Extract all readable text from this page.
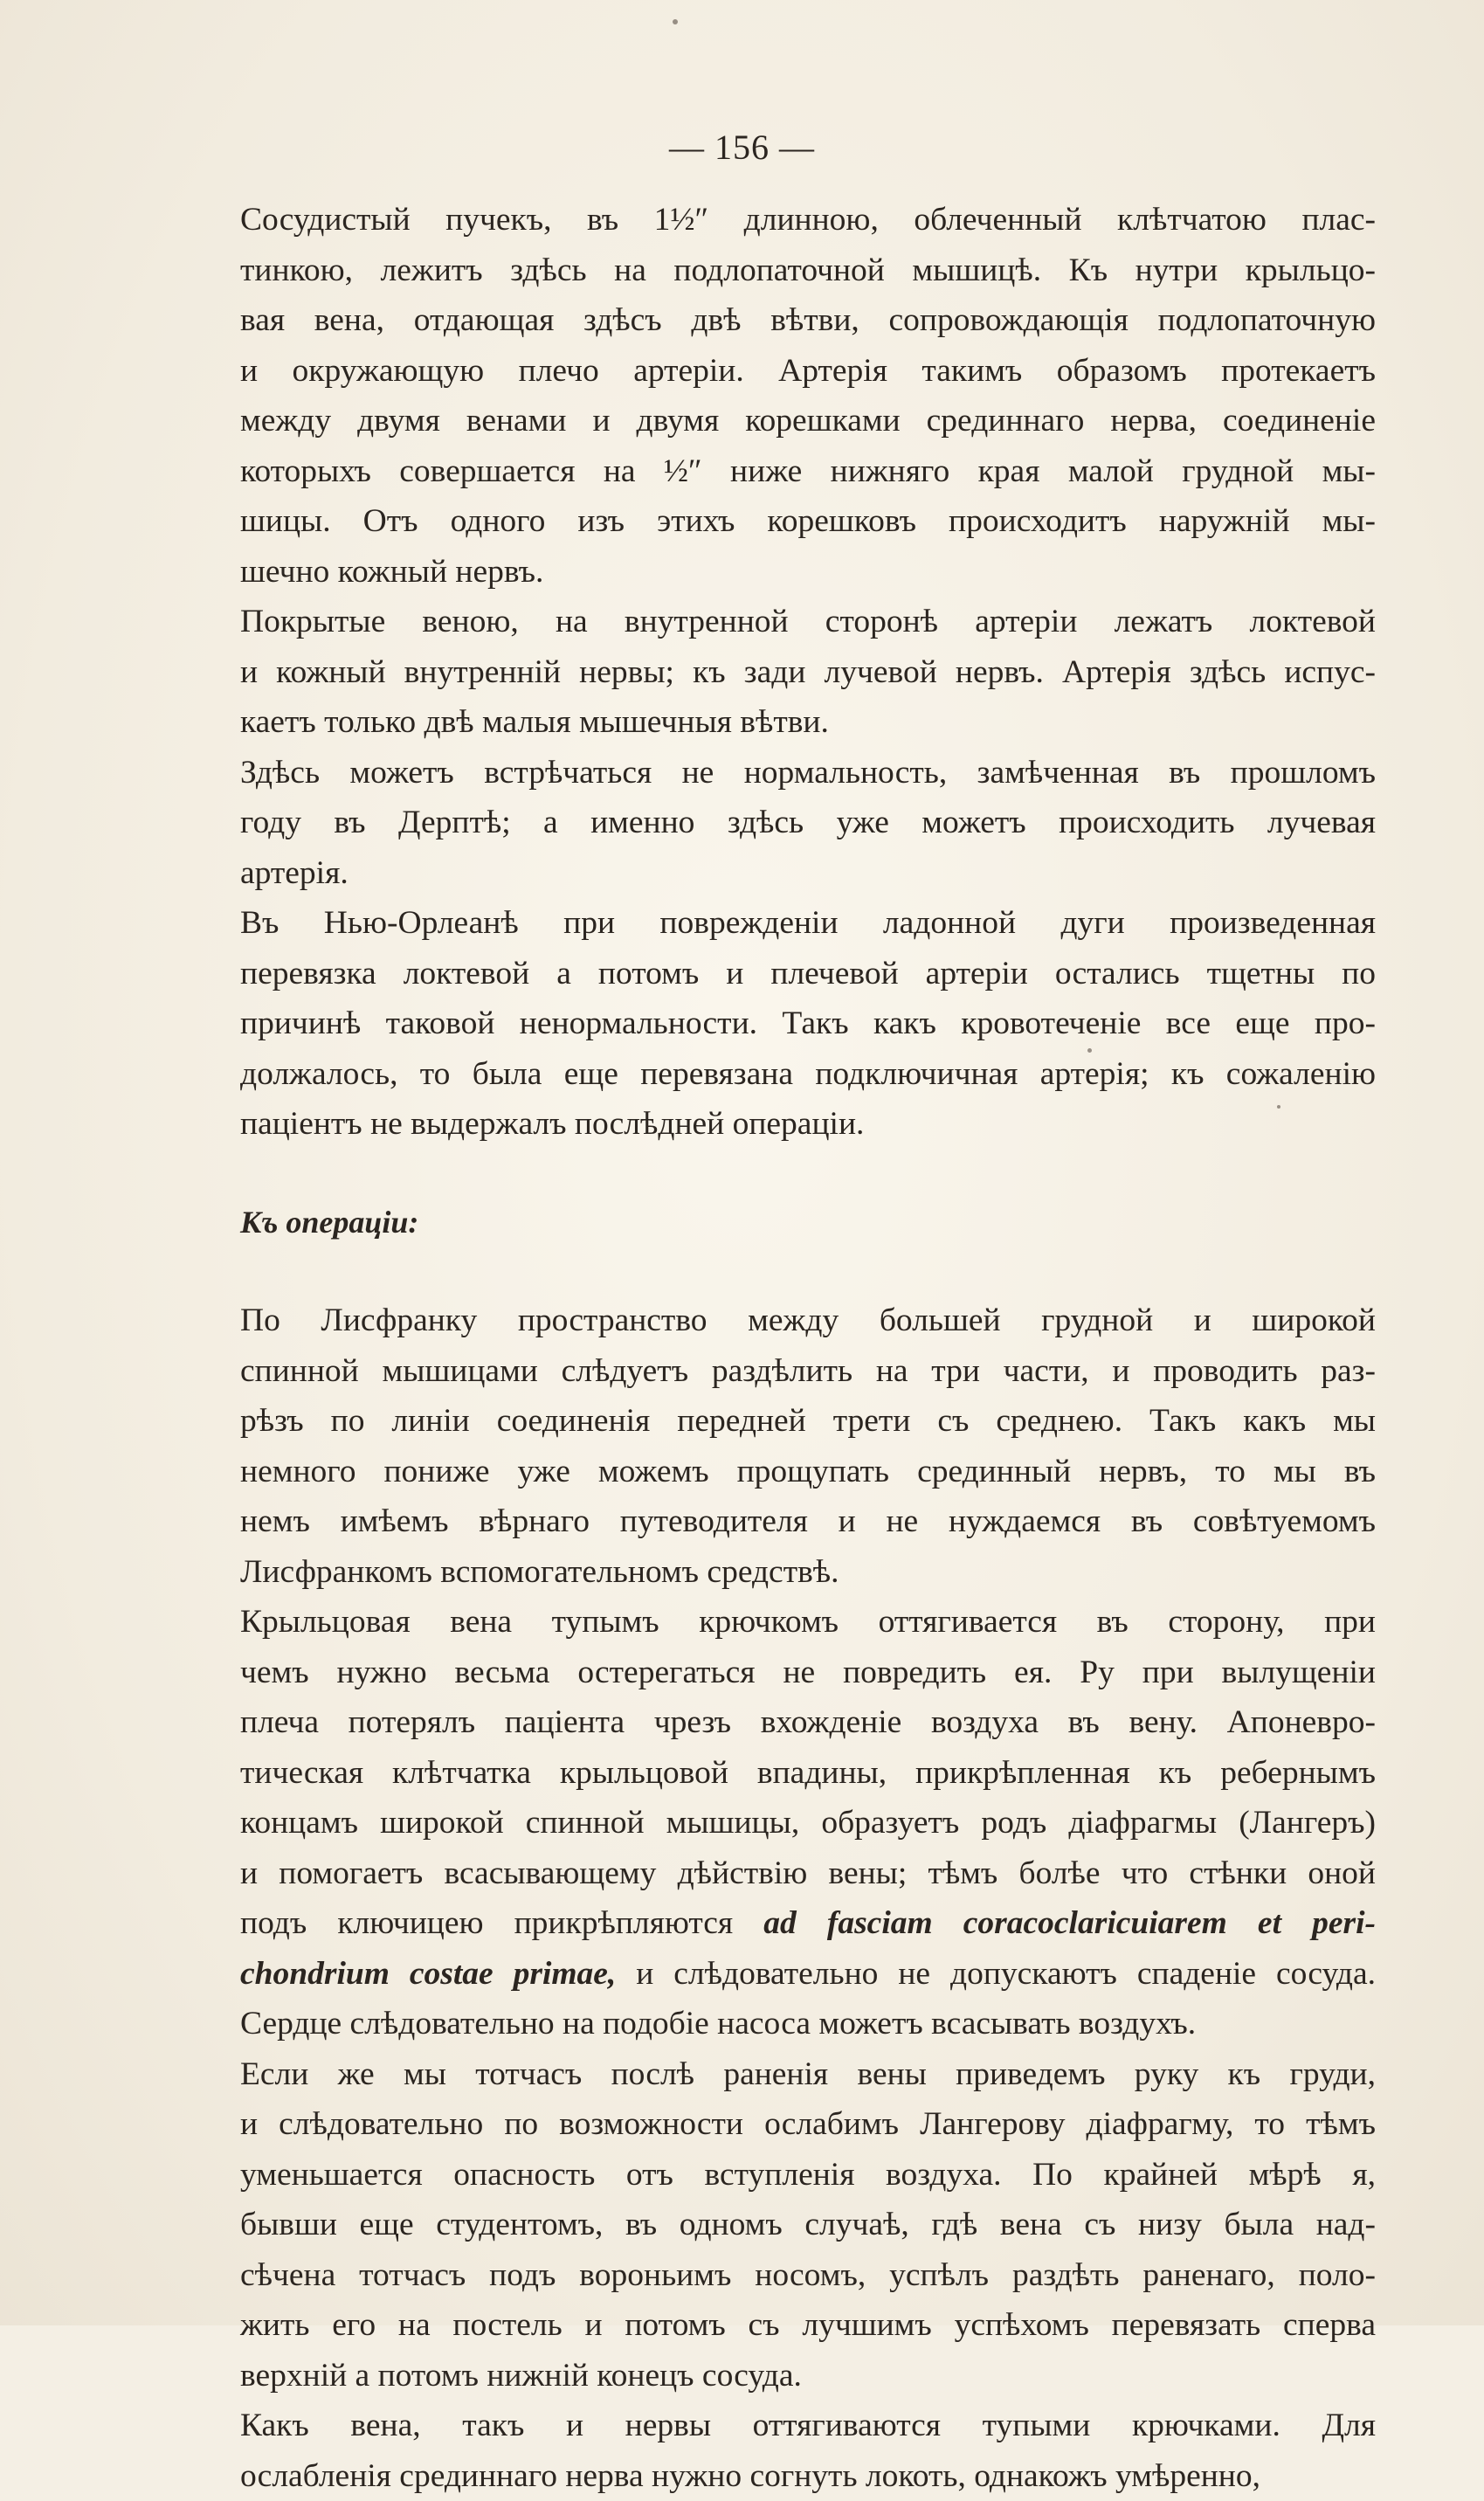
— 156 —
Сосудистый пучекъ, въ 1½″ длинною, облеченный клѣтчатою плас-
тинкою, лежитъ здѣсь на подлопаточной мышицѣ. Къ нутри крыльцо-
вая вена, отдающая здѣсъ двѣ вѣтви, сопровождающія подлопаточную
и окружающую плечо артеріи. Артерія такимъ образомъ протекаетъ
между двумя венами и двумя корешками срединнаго нерва, соединеніе
которыхъ совершается на ½″ ниже нижняго края малой грудной мы-
шицы. Отъ одного изъ этихъ корешковъ происходитъ наружній мы-
шечно кожный нервъ.
Покрытые веною, на внутренной сторонѣ артеріи лежатъ локтевой
и кожный внутренній нервы; къ зади лучевой нервъ. Артерія здѣсь испус-
каетъ только двѣ малыя мышечныя вѣтви.
Здѣсь можетъ встрѣчаться не нормальность, замѣченная въ прошломъ
году въ Дерптѣ; а именно здѣсь уже можетъ происходить лучевая
артерія.
Въ Нью-Орлеанѣ при поврежденіи ладонной дуги произведенная
перевязка локтевой а потомъ и плечевой артеріи остались тщетны по
причинѣ таковой ненормальности. Такъ какъ кровотеченіе все еще про-
должалось, то была еще перевязана подключичная артерія; къ сожаленію
паціентъ не выдержалъ послѣдней операціи.
Къ операціи:
По Лисфранку пространство между большей грудной и широкой
спинной мышицами слѣдуетъ раздѣлить на три части, и проводить раз-
рѣзъ по линіи соединенія передней трети съ среднею. Такъ какъ мы
немного пониже уже можемъ прощупать срединный нервъ, то мы въ
немъ имѣемъ вѣрнаго путеводителя и не нуждаемся въ совѣтуемомъ
Лисфранкомъ вспомогательномъ средствѣ.
Крыльцовая вена тупымъ крючкомъ оттягивается въ сторону, при
чемъ нужно весьма остерегаться не повредить ея. Ру при вылущеніи
плеча потерялъ паціента чрезъ вхожденіе воздуха въ вену. Апоневро-
тическая клѣтчатка крыльцовой впадины, прикрѣпленная къ ребернымъ
концамъ широкой спинной мышицы, образуетъ родъ діафрагмы (Лангеръ)
и помогаетъ всасывающему дѣйствію вены; тѣмъ болѣе что стѣнки оной
подъ ключицею прикрѣпляются ad fasciam coracoclaricuiarem et peri-
chondrium costae primae, и слѣдовательно не допускаютъ спаденіе сосуда.
Сердце слѣдовательно на подобіе насоса можетъ всасывать воздухъ.
Если же мы тотчасъ послѣ раненія вены приведемъ руку къ груди,
и слѣдовательно по возможности ослабимъ Лангерову діафрагму, то тѣмъ
уменьшается опасность отъ вступленія воздуха. По крайней мѣрѣ я,
бывши еще студентомъ, въ одномъ случаѣ, гдѣ вена съ низу была над-
сѣчена тотчасъ подъ вороньимъ носомъ, успѣлъ раздѣть раненаго, поло-
жить его на постель и потомъ съ лучшимъ успѣхомъ перевязать сперва
верхній а потомъ нижній конецъ сосуда.
Какъ вена, такъ и нервы оттягиваются тупыми крючками. Для
ослабленія срединнаго нерва нужно согнуть локоть, однакожъ умѣренно,
